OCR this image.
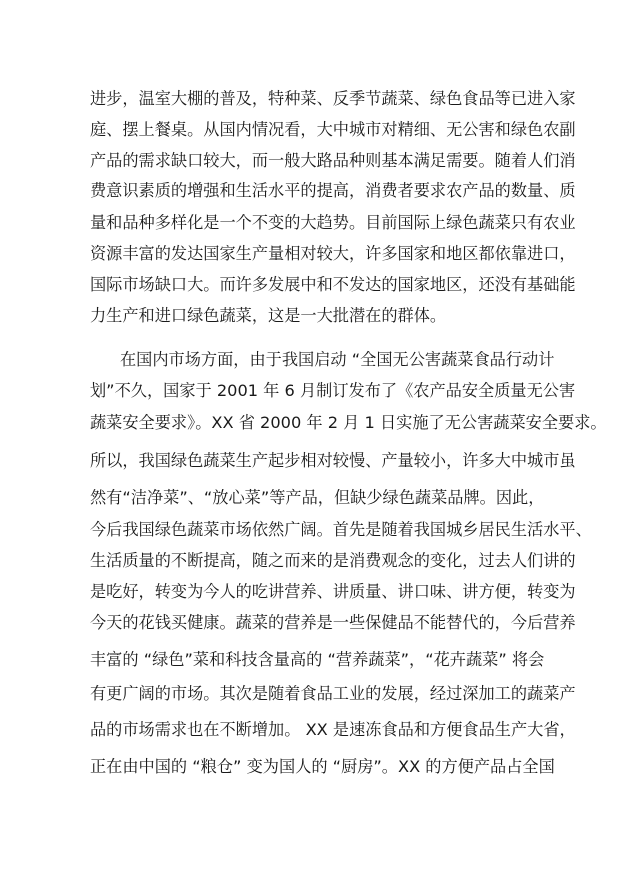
进步，温室大棚的普及，特种菜、反季节蔬菜、绿色食品等已进入家
庭、摆上餐桌。从国内情况看，大中城市对精细、无公害和绿色农副
产品的需求缺口较大，而一般大路品种则基本满足需要。随着人们消
费意识素质的增强和生活水平的提高，消费者要求农产品的数量、质
量和品种多样化是一个不变的大趋势。目前国际上绿色蔬菜只有农业
资源丰富的发达国家生产量相对较大，许多国家和地区都依靠进口，
国际市场缺口大。而许多发展中和不发达的国家地区，还没有基础能
力生产和进口绿色蔬菜，这是一大批潜在的群体。
在国内市场方面，由于我国启动 “全国无公害蔬菜食品行动计
划”不久，国家于 2001 年 6 月制订发布了《农产品安全质量无公害
蔬菜安全要求》。XX 省 2000 年 2 月 1 日实施了无公害蔬菜安全要求。
所以，我国绿色蔬菜生产起步相对较慢、产量较小，许多大中城市虽
然有“洁净菜”、“放心菜”等产品，但缺少绿色蔬菜品牌。因此，
今后我国绿色蔬菜市场依然广阔。首先是随着我国城乡居民生活水平、
生活质量的不断提高，随之而来的是消费观念的变化，过去人们讲的
是吃好，转变为今人的吃讲营养、讲质量、讲口味、讲方便，转变为
今天的花钱买健康。蔬菜的营养是一些保健品不能替代的，今后营养
丰富的 “绿色”菜和科技含量高的 “营养蔬菜”，“花卉蔬菜” 将会
有更广阔的市场。其次是随着食品工业的发展，经过深加工的蔬菜产
品的市场需求也在不断增加。 XX 是速冻食品和方便食品生产大省，
正在由中国的 “粮仓” 变为国人的 “厨房”。XX 的方便产品占全国
